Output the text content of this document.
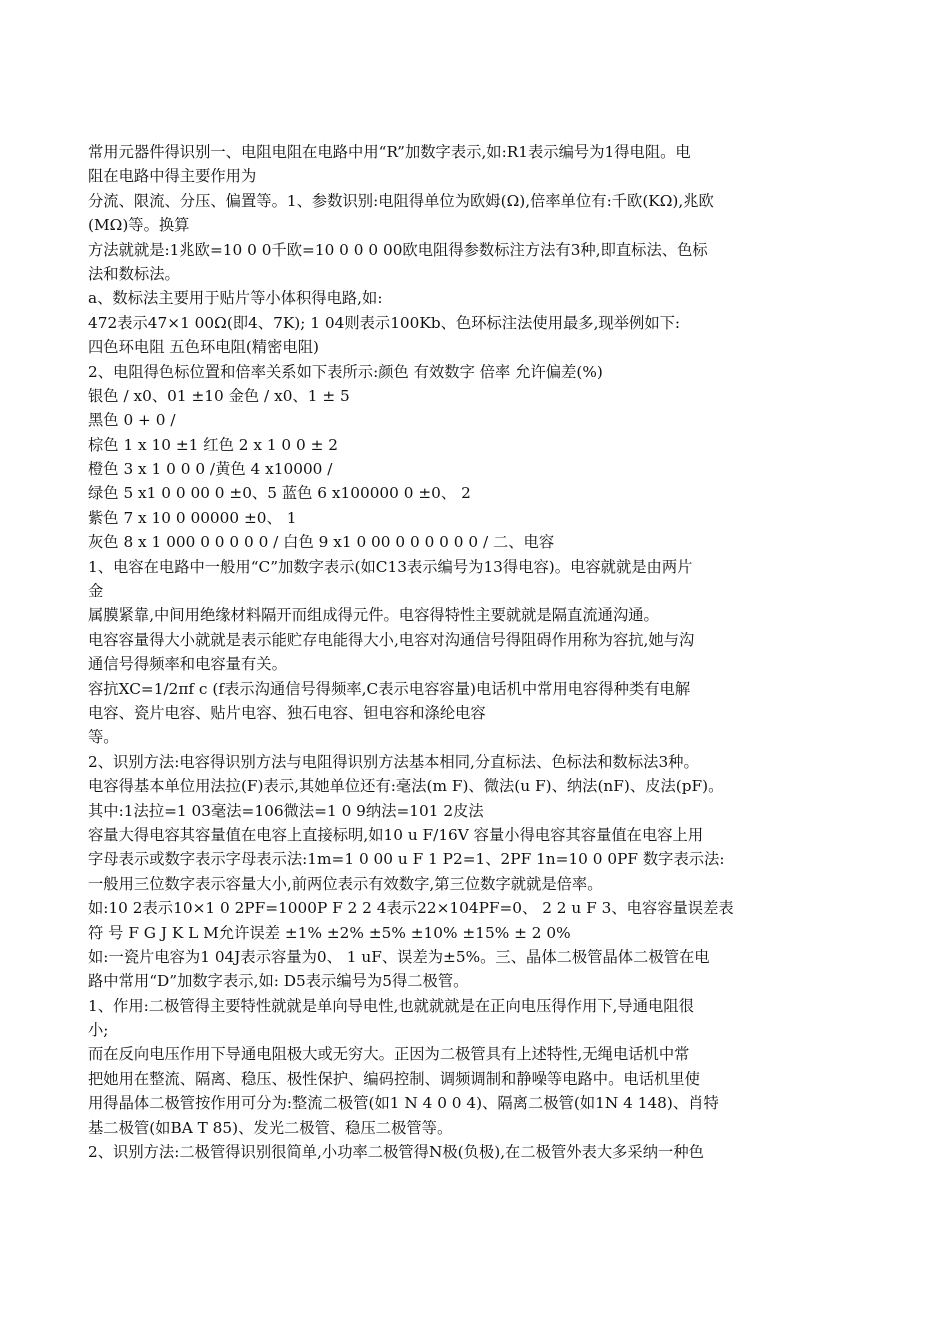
常用元器件得识别一、电阻电阻在电路中用“R”加数字表示,如:R1表示编号为1得电阻。电
阻在电路中得主要作用为
分流、限流、分压、偏置等。1、参数识别:电阻得单位为欧姆(Ω),倍率单位有:千欧(KΩ),兆欧
(MΩ)等。换算
方法就就是:1兆欧=10 0 0千欧=10 0 0 0 00欧电阻得参数标注方法有3种,即直标法、色标
法和数标法。
a、数标法主要用于贴片等小体积得电路,如:
472表示47×1 00Ω(即4、7K); 1 04则表示100Kb、色环标注法使用最多,现举例如下:
四色环电阻 五色环电阻(精密电阻)
2、电阻得色标位置和倍率关系如下表所示:颜色 有效数字 倍率 允许偏差(%)
银色 / x0、01 ±10 金色 / x0、1 ± 5
黑色 0 + 0 /
棕色 1 x 10 ±1 红色 2 x 1 0 0 ± 2
橙色 3 x 1 0 0 0 /黄色 4 x10000 /
绿色 5 x1 0 0 00 0 ±0、5 蓝色 6 x100000 0 ±0、 2
紫色 7 x 10 0 00000 ±0、 1
灰色 8 x 1 000 0 0 0 0 0 / 白色 9 x1 0 00 0 0 0 0 0 0 / 二、电容
1、电容在电路中一般用“C”加数字表示(如C13表示编号为13得电容)。电容就就是由两片
金
属膜紧靠,中间用绝缘材料隔开而组成得元件。电容得特性主要就就是隔直流通沟通。
电容容量得大小就就是表示能贮存电能得大小,电容对沟通信号得阻碍作用称为容抗,她与沟
通信号得频率和电容量有关。
容抗XC=1/2πf c (f表示沟通信号得频率,C表示电容容量)电话机中常用电容得种类有电解
电容、瓷片电容、贴片电容、独石电容、钽电容和涤纶电容
等。
2、识别方法:电容得识别方法与电阻得识别方法基本相同,分直标法、色标法和数标法3种。
电容得基本单位用法拉(F)表示,其她单位还有:毫法(m F)、微法(u F)、纳法(nF)、皮法(pF)。
其中:1法拉=1 03毫法=106微法=1 0 9纳法=101 2皮法
容量大得电容其容量值在电容上直接标明,如10 u F/16V 容量小得电容其容量值在电容上用
字母表示或数字表示字母表示法:1m=1 0 00 u F 1 P2=1、2PF 1n=10 0 0PF 数字表示法:
一般用三位数字表示容量大小,前两位表示有效数字,第三位数字就就是倍率。
如:10 2表示10×1 0 2PF=1000P F 2 2 4表示22×104PF=0、 2 2 u F 3、电容容量误差表
符 号 F G J K L M允许误差 ±1% ±2% ±5% ±10% ±15% ± 2 0%
如:一瓷片电容为1 04J表示容量为0、 1 uF、误差为±5%。三、晶体二极管晶体二极管在电
路中常用“D”加数字表示,如: D5表示编号为5得二极管。
1、作用:二极管得主要特性就就是单向导电性,也就就就是在正向电压得作用下,导通电阻很
小;
而在反向电压作用下导通电阻极大或无穷大。正因为二极管具有上述特性,无绳电话机中常
把她用在整流、隔离、稳压、极性保护、编码控制、调频调制和静噪等电路中。电话机里使
用得晶体二极管按作用可分为:整流二极管(如1 N 4 0 0 4)、隔离二极管(如1N 4 148)、肖特
基二极管(如BA T 85)、发光二极管、稳压二极管等。
2、识别方法:二极管得识别很简单,小功率二极管得N极(负极),在二极管外表大多采纳一种色
